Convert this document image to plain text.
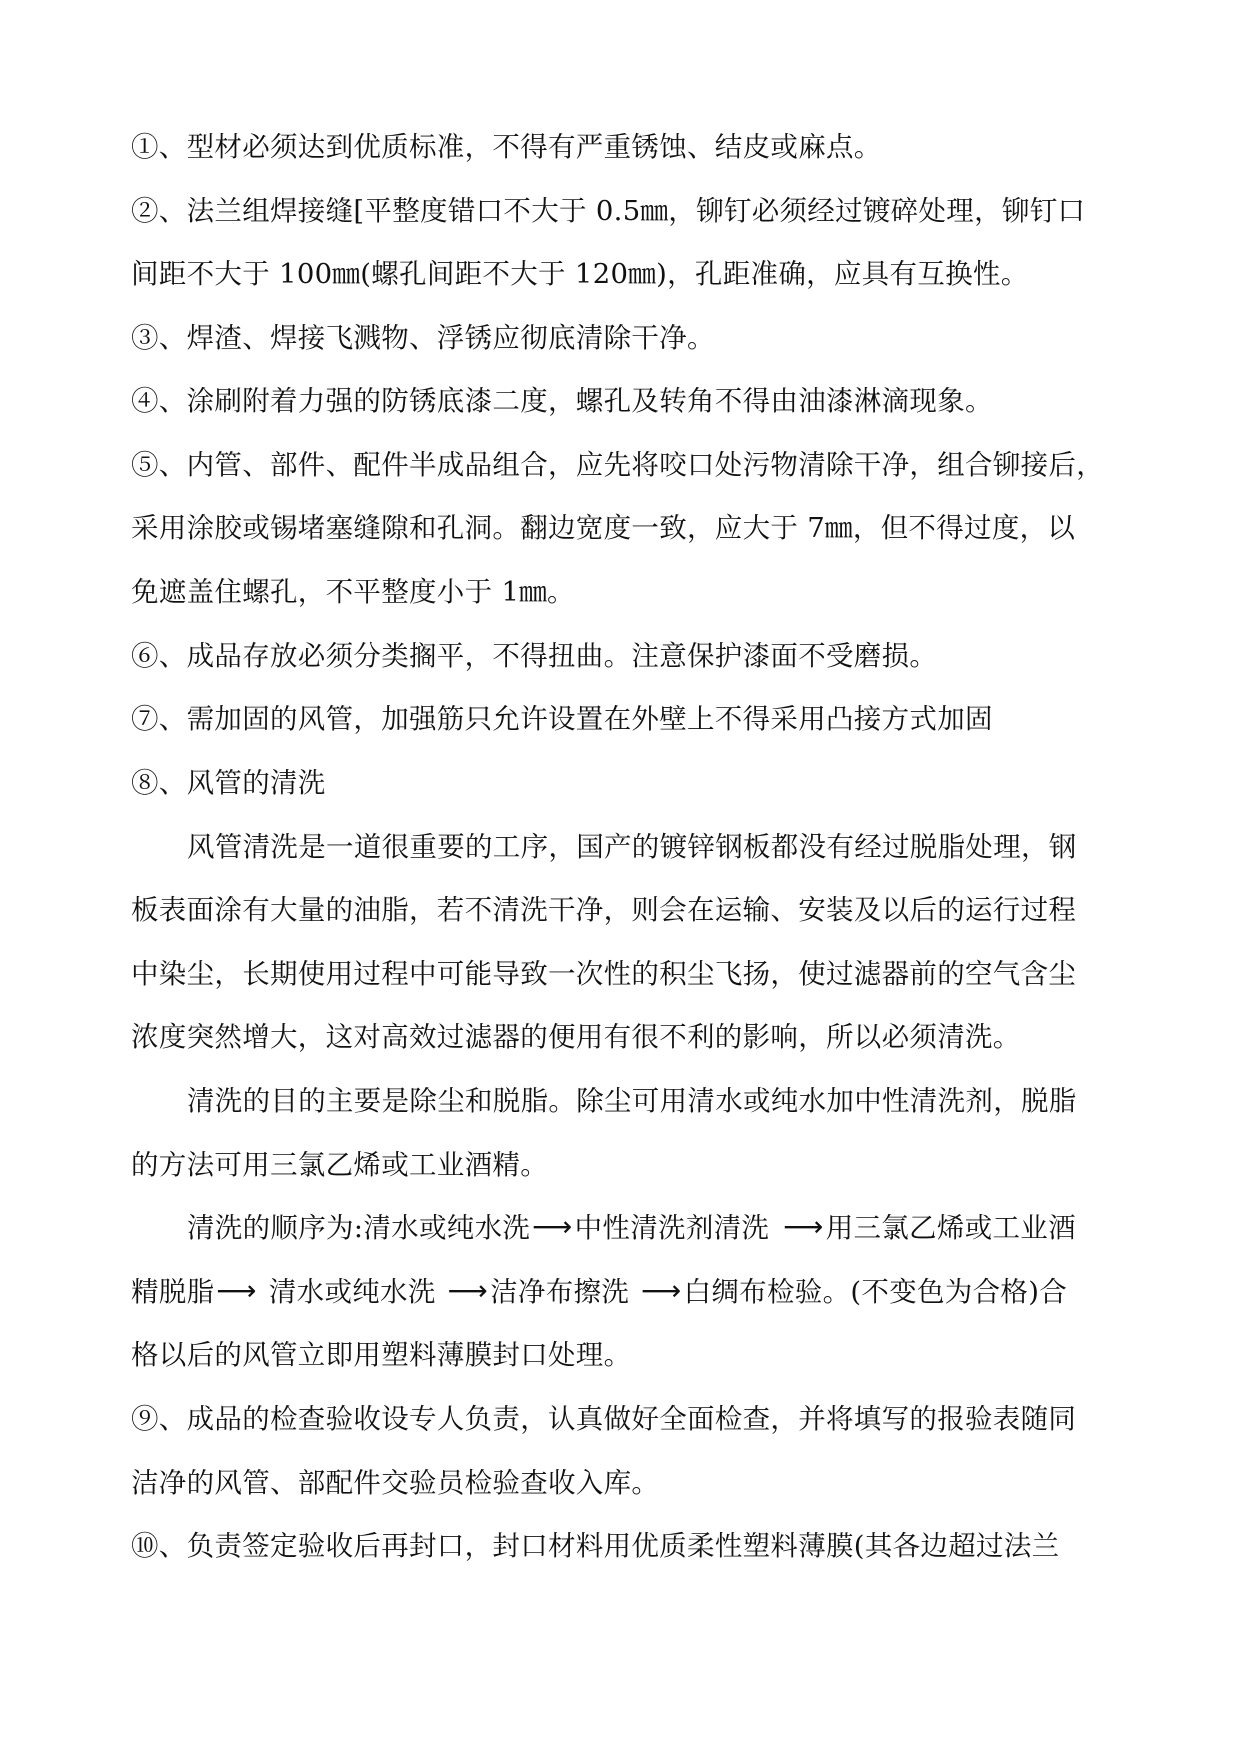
①、型材必须达到优质标准，不得有严重锈蚀、结皮或麻点。
②、法兰组焊接缝[平整度错口不大于 0.5㎜，铆钉必须经过镀碎处理，铆钉口
间距不大于 100㎜(螺孔间距不大于 120㎜)，孔距准确，应具有互换性。
③、焊渣、焊接飞溅物、浮锈应彻底清除干净。
④、涂刷附着力强的防锈底漆二度，螺孔及转角不得由油漆淋滴现象。
⑤、内管、部件、配件半成品组合，应先将咬口处污物清除干净，组合铆接后，
采用涂胶或锡堵塞缝隙和孔洞。翻边宽度一致，应大于 7㎜，但不得过度，以
免遮盖住螺孔，不平整度小于 1㎜。
⑥、成品存放必须分类搁平，不得扭曲。注意保护漆面不受磨损。
⑦、需加固的风管，加强筋只允许设置在外壁上不得采用凸接方式加固
⑧、风管的清洗
风管清洗是一道很重要的工序，国产的镀锌钢板都没有经过脱脂处理，钢
板表面涂有大量的油脂，若不清洗干净，则会在运输、安装及以后的运行过程
中染尘，长期使用过程中可能导致一次性的积尘飞扬，使过滤器前的空气含尘
浓度突然增大，这对高效过滤器的便用有很不利的影响，所以必须清洗。
清洗的目的主要是除尘和脱脂。除尘可用清水或纯水加中性清洗剂，脱脂
的方法可用三氯乙烯或工业酒精。
清洗的顺序为:清水或纯水洗⟶中性清洗剂清洗 ⟶用三氯乙烯或工业酒
精脱脂⟶ 清水或纯水洗 ⟶洁净布擦洗 ⟶白绸布检验。(不变色为合格)合
格以后的风管立即用塑料薄膜封口处理。
⑨、成品的检查验收设专人负责，认真做好全面检查，并将填写的报验表随同
洁净的风管、部配件交验员检验查收入库。
⑩、负责签定验收后再封口，封口材料用优质柔性塑料薄膜(其各边超过法兰
